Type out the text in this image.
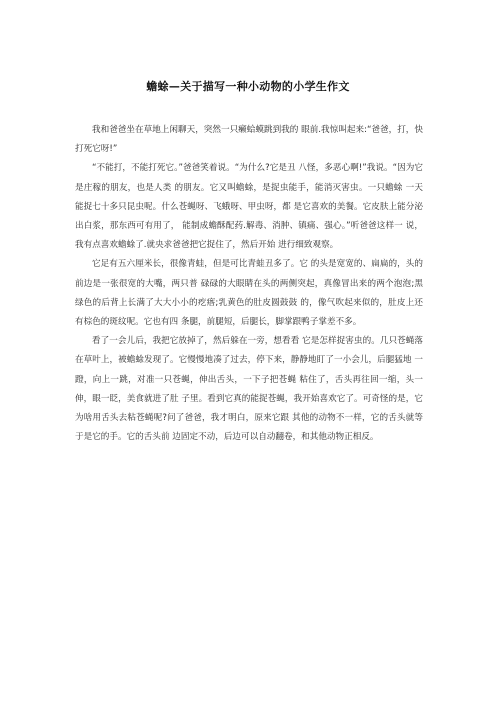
蟾蜍—关于描写一种小动物的小学生作文

我和爸爸坐在草地上闲聊天，突然一只癞蛤蟆跳到我的 眼前.我惊叫起来:“爸爸，打，快打死它呀!”

“不能打，不能打死它。”爸爸笑着说。“为什么?它是丑 八怪，多恶心啊!”我说。“因为它是庄稼的朋友，也是人类 的朋友。它又叫蟾蜍，是捉虫能手，能消灭害虫。一只蟾蜍 一天能捉七十多只昆虫呢。什么苍蝇呀、飞蛾呀、甲虫呀，都 是它喜欢的美餐。它皮肤上能分泌出白浆，那东西可有用了， 能制成蟾酥配药.解毒、消肿、镇痛、强心。”听爸爸这样一 说，我有点喜欢蟾蜍了.就央求爸爸把它捉住了，然后开始 进行细致观察。

它足有五六厘米长，很像青蛙，但是可比青蛙丑多了。它 的头是宽宽的、扁扁的，头的前边是一张很宽的大嘴，两只普 碌碌的大眼睛在头的两侧突起，真像冒出来的两个泡泡;黑 绿色的后背上长满了大大小小的疙瘩;乳黄色的肚皮圆鼓鼓 的，像气吹起来似的，肚皮上还有棕色的斑纹呢。它也有四 条腿，前腿短，后腿长，脚掌跟鸭子掌差不多。

看了一会儿后，我把它放掉了，然后躲在一旁，想看看 它是怎样捉害虫的。几只苍蝇落在草叶上，被蟾蜍发现了。它慢慢地凑了过去，停下来，静静地盯了一小会儿，后腿猛地 一蹬，向上一跳，对准一只苍蝇，伸出舌头，一下子把苍蝇 粘住了，舌头再往回一缩，头一伸，眼一眨，美食就进了肚 子里。看到它真的能捉苍蝇，我开始喜欢它了。可奇怪的是，它为啥用舌头去粘苍蝇呢?问了爸爸，我才明白，原来它跟 其他的动物不一样，它的舌头就等于是它的手。它的舌头前 边固定不动，后边可以自动翻卷，和其他动物正相反。
